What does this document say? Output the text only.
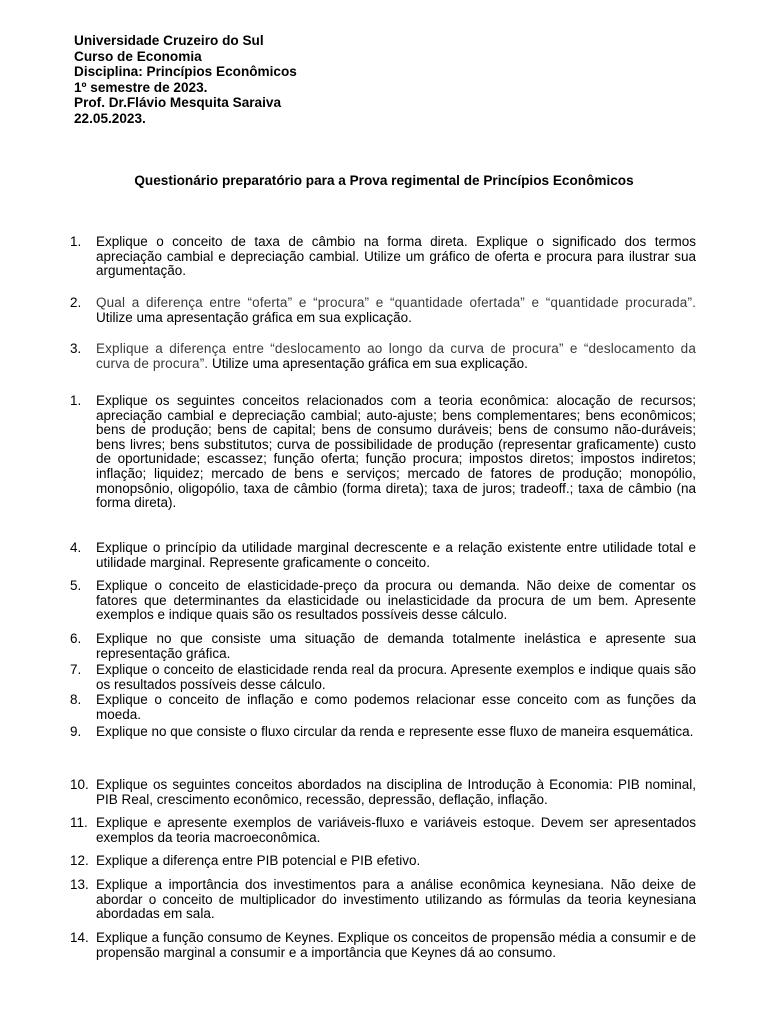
Universidade Cruzeiro do Sul
Curso de Economia
Disciplina: Princípios Econômicos
1º semestre de 2023.
Prof. Dr.Flávio Mesquita Saraiva
22.05.2023.
Questionário preparatório para a Prova regimental de Princípios Econômicos
1.	Explique o conceito de taxa de câmbio na forma direta. Explique o significado dos termos apreciação cambial e depreciação cambial. Utilize um gráfico de oferta e procura para ilustrar sua argumentação.
2.	Qual a diferença entre “oferta” e “procura” e “quantidade ofertada” e “quantidade procurada”. Utilize uma apresentação gráfica em sua explicação.
3.	Explique a diferença entre “deslocamento ao longo da curva de procura” e “deslocamento da curva de procura”. Utilize uma apresentação gráfica em sua explicação.
1.	Explique os seguintes conceitos relacionados com a teoria econômica: alocação de recursos; apreciação cambial e depreciação cambial; auto-ajuste; bens complementares; bens econômicos; bens de produção; bens de capital; bens de consumo duráveis; bens de consumo não-duráveis; bens livres; bens substitutos; curva de possibilidade de produção (representar graficamente) custo de oportunidade; escassez; função oferta; função procura; impostos diretos; impostos indiretos; inflação; liquidez; mercado de bens e serviços; mercado de fatores de produção; monopólio, monopsônio, oligopólio, taxa de câmbio (forma direta); taxa de juros; tradeoff.; taxa de câmbio (na forma direta).
4.	Explique o princípio da utilidade marginal decrescente e a relação existente entre utilidade total e utilidade marginal. Represente graficamente o conceito.
5.	Explique o conceito de elasticidade-preço da procura ou demanda. Não deixe de comentar os fatores que determinantes da elasticidade ou inelasticidade da procura de um bem. Apresente exemplos e indique quais são os resultados possíveis desse cálculo.
6.	Explique no que consiste uma situação de demanda totalmente inelástica e apresente sua representação gráfica.
7.	Explique o conceito de elasticidade renda real da procura. Apresente exemplos e indique quais são os resultados possíveis desse cálculo.
8.	Explique o conceito de inflação e como podemos relacionar esse conceito com as funções da moeda.
9.	Explique no que consiste o fluxo circular da renda e represente esse fluxo de maneira esquemática.
10. Explique os seguintes conceitos abordados na disciplina de Introdução à Economia: PIB nominal, PIB Real, crescimento econômico, recessão, depressão, deflação, inflação.
11. Explique e apresente exemplos de variáveis-fluxo e variáveis estoque. Devem ser apresentados exemplos da teoria macroeconômica.
12. Explique a diferença entre PIB potencial e PIB efetivo.
13. Explique a importância dos investimentos para a análise econômica keynesiana. Não deixe de abordar o conceito de multiplicador do investimento utilizando as fórmulas da teoria keynesiana abordadas em sala.
14. Explique a função consumo de Keynes. Explique os conceitos de propensão média a consumir e de propensão marginal a consumir e a importância que Keynes dá ao consumo.
